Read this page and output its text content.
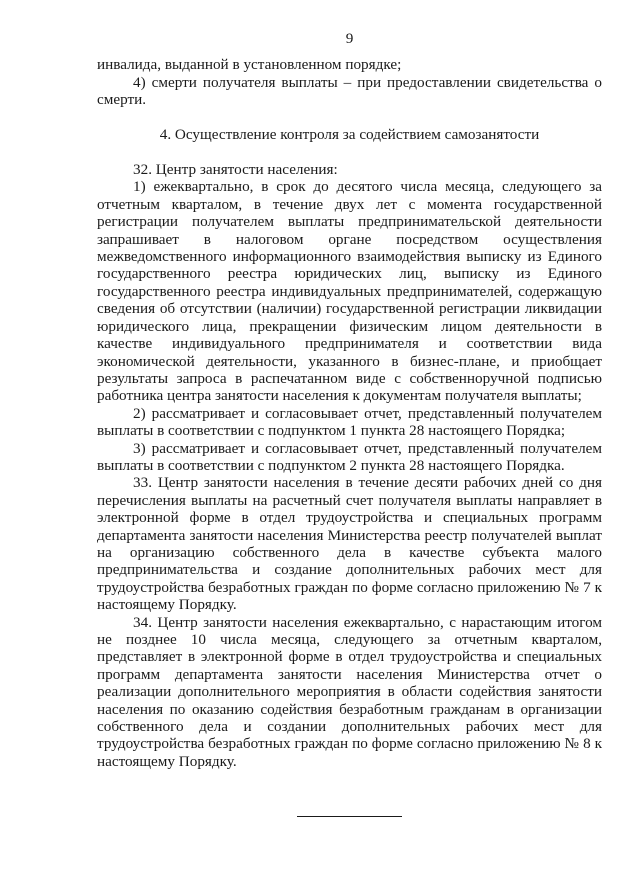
9

инвалида, выданной в установленном порядке;

4) смерти получателя выплаты – при предоставлении свидетельства о смерти.

4. Осуществление контроля за содействием самозанятости

32. Центр занятости населения:

1) ежеквартально, в срок до десятого числа месяца, следующего за отчетным кварталом, в течение двух лет с момента государственной регистрации получателем выплаты предпринимательской деятельности запрашивает в налоговом органе посредством осуществления межведомственного информационного взаимодействия выписку из Единого государственного реестра юридических лиц, выписку из Единого государственного реестра индивидуальных предпринимателей, содержащую сведения об отсутствии (наличии) государственной регистрации ликвидации юридического лица, прекращении физическим лицом деятельности в качестве индивидуального предпринимателя и соответствии вида экономической деятельности, указанного в бизнес-плане, и приобщает результаты запроса в распечатанном виде с собственноручной подписью работника центра занятости населения к документам получателя выплаты;

2) рассматривает и согласовывает отчет, представленный получателем выплаты в соответствии с подпунктом 1 пункта 28 настоящего Порядка;

3) рассматривает и согласовывает отчет, представленный получателем выплаты в соответствии с подпунктом 2 пункта 28 настоящего Порядка.

33. Центр занятости населения в течение десяти рабочих дней со дня перечисления выплаты на расчетный счет получателя выплаты направляет в электронной форме в отдел трудоустройства и специальных программ департамента занятости населения Министерства реестр получателей выплат на организацию собственного дела в качестве субъекта малого предпринимательства и создание дополнительных рабочих мест для трудоустройства безработных граждан по форме согласно приложению № 7 к настоящему Порядку.

34. Центр занятости населения ежеквартально, с нарастающим итогом не позднее 10 числа месяца, следующего за отчетным кварталом, представляет в электронной форме в отдел трудоустройства и специальных программ департамента занятости населения Министерства отчет о реализации дополнительного мероприятия в области содействия занятости населения по оказанию содействия безработным гражданам в организации собственного дела и создании дополнительных рабочих мест для трудоустройства безработных граждан по форме согласно приложению № 8 к настоящему Порядку.
